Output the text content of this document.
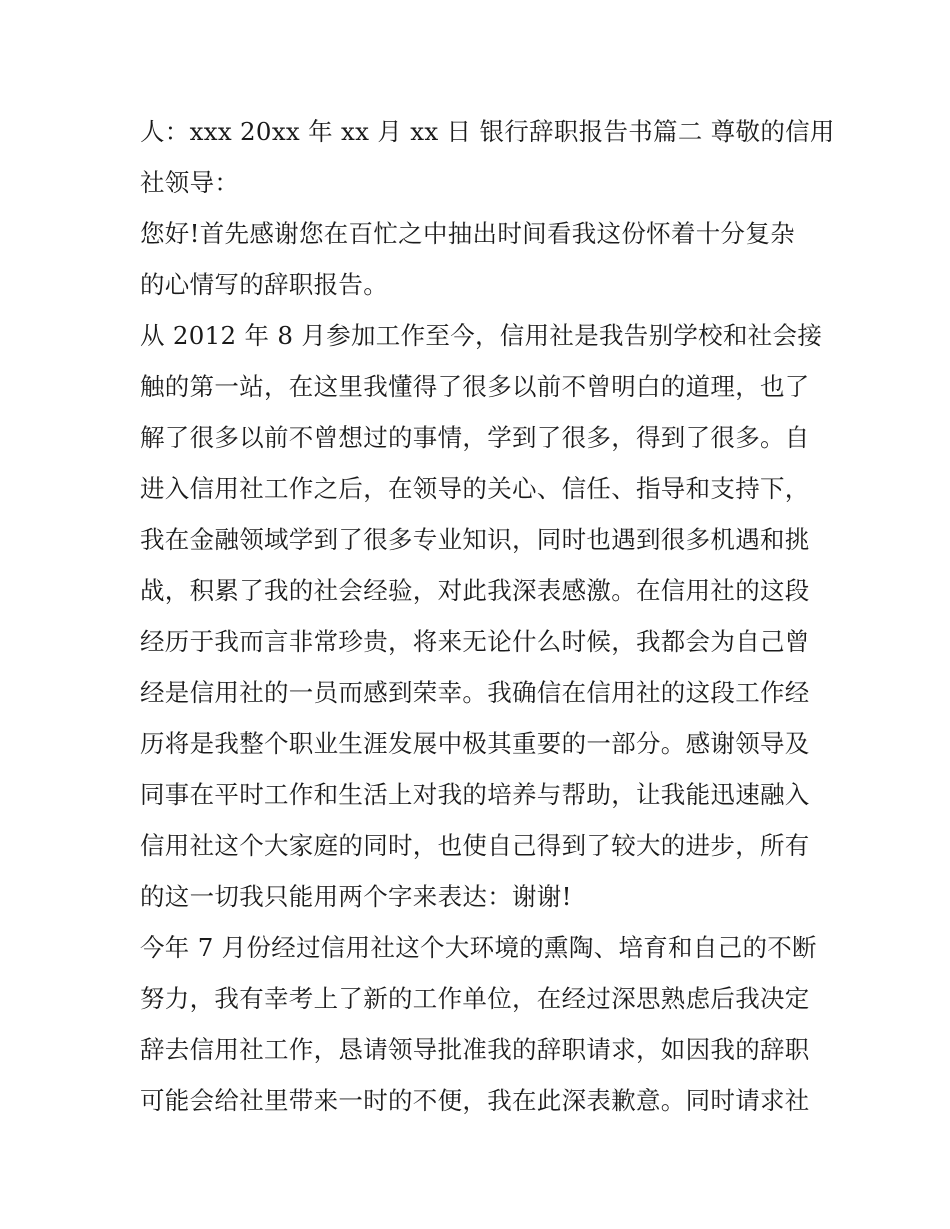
人：xxx 20xx 年 xx 月 xx 日 银行辞职报告书篇二 尊敬的信用
社领导：
您好!首先感谢您在百忙之中抽出时间看我这份怀着十分复杂
的心情写的辞职报告。
从 2012 年 8 月参加工作至今，信用社是我告别学校和社会接
触的第一站，在这里我懂得了很多以前不曾明白的道理，也了
解了很多以前不曾想过的事情，学到了很多，得到了很多。自
进入信用社工作之后，在领导的关心、信任、指导和支持下，
我在金融领域学到了很多专业知识，同时也遇到很多机遇和挑
战，积累了我的社会经验，对此我深表感激。在信用社的这段
经历于我而言非常珍贵，将来无论什么时候，我都会为自己曾
经是信用社的一员而感到荣幸。我确信在信用社的这段工作经
历将是我整个职业生涯发展中极其重要的一部分。感谢领导及
同事在平时工作和生活上对我的培养与帮助，让我能迅速融入
信用社这个大家庭的同时，也使自己得到了较大的进步，所有
的这一切我只能用两个字来表达：谢谢!
今年 7 月份经过信用社这个大环境的熏陶、培育和自己的不断
努力，我有幸考上了新的工作单位，在经过深思熟虑后我决定
辞去信用社工作，恳请领导批准我的辞职请求，如因我的辞职
可能会给社里带来一时的不便，我在此深表歉意。同时请求社
